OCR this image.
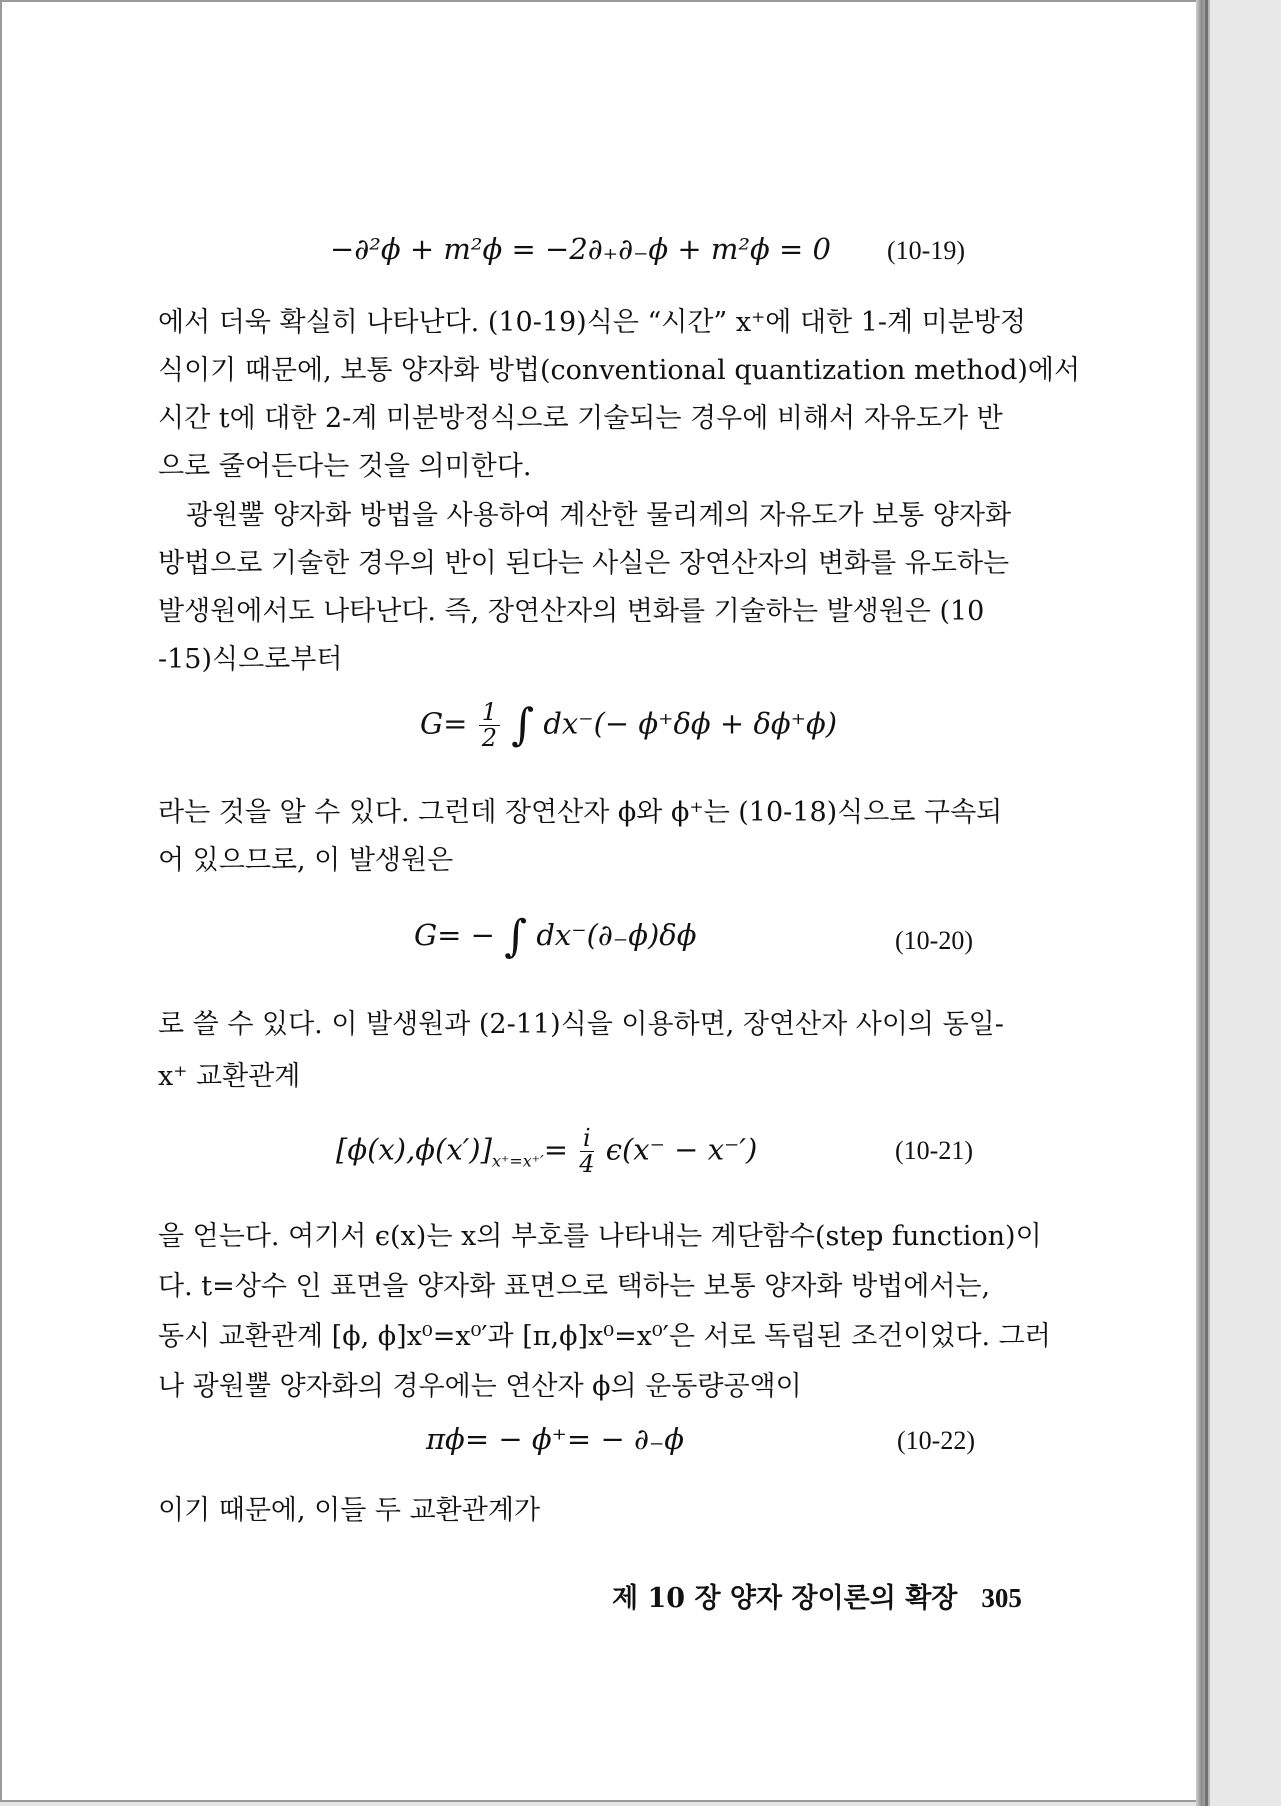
−∂²ϕ + m²ϕ = −2∂₊∂₋ϕ + m²ϕ = 0 (10-19)
에서 더욱 확실히 나타난다. (10-19)식은 “시간” x⁺에 대한 1-계 미분방정
식이기 때문에, 보통 양자화 방법(conventional quantization method)에서
시간 t에 대한 2-계 미분방정식으로 기술되는 경우에 비해서 자유도가 반
으로 줄어든다는 것을 의미한다.
광원뿔 양자화 방법을 사용하여 계산한 물리계의 자유도가 보통 양자화
방법으로 기술한 경우의 반이 된다는 사실은 장연산자의 변화를 유도하는
발생원에서도 나타난다. 즉, 장연산자의 변화를 기술하는 발생원은 (10
-15)식으로부터
$G= \frac{1}{2}$ ∫ dx⁻(− ϕ⁺δϕ + δϕ⁺ϕ)
라는 것을 알 수 있다. 그런데 장연산자 ϕ와 ϕ⁺는 (10-18)식으로 구속되
어 있으므로, 이 발생원은
G= − ∫ dx⁻(∂₋ϕ)δϕ	(10-20)
로 쓸 수 있다. 이 발생원과 (2-11)식을 이용하면, 장연산자 사이의 동일-
x⁺ 교환관계
$[\phi(x),\phi(x')]_{x^+=x^+'}= \frac{i}{4} \epsilon(x^- - x^-')$	(10-21)
을 얻는다. 여기서 ϵ(x)는 x의 부호를 나타내는 계단함수(step function)이
다. t=상수 인 표면을 양자화 표면으로 택하는 보통 양자화 방법에서는,
동시 교환관계 [ϕ, ϕ]x⁰=x⁰′과 [π,ϕ]x⁰=x⁰′은 서로 독립된 조건이었다. 그러
나 광원뿔 양자화의 경우에는 연산자 ϕ의 운동량공액이
πϕ= − ϕ⁺= − ∂₋ϕ	(10-22)
이기 때문에, 이들 두 교환관계가
제 10 장 양자 장이론의 확장 305
